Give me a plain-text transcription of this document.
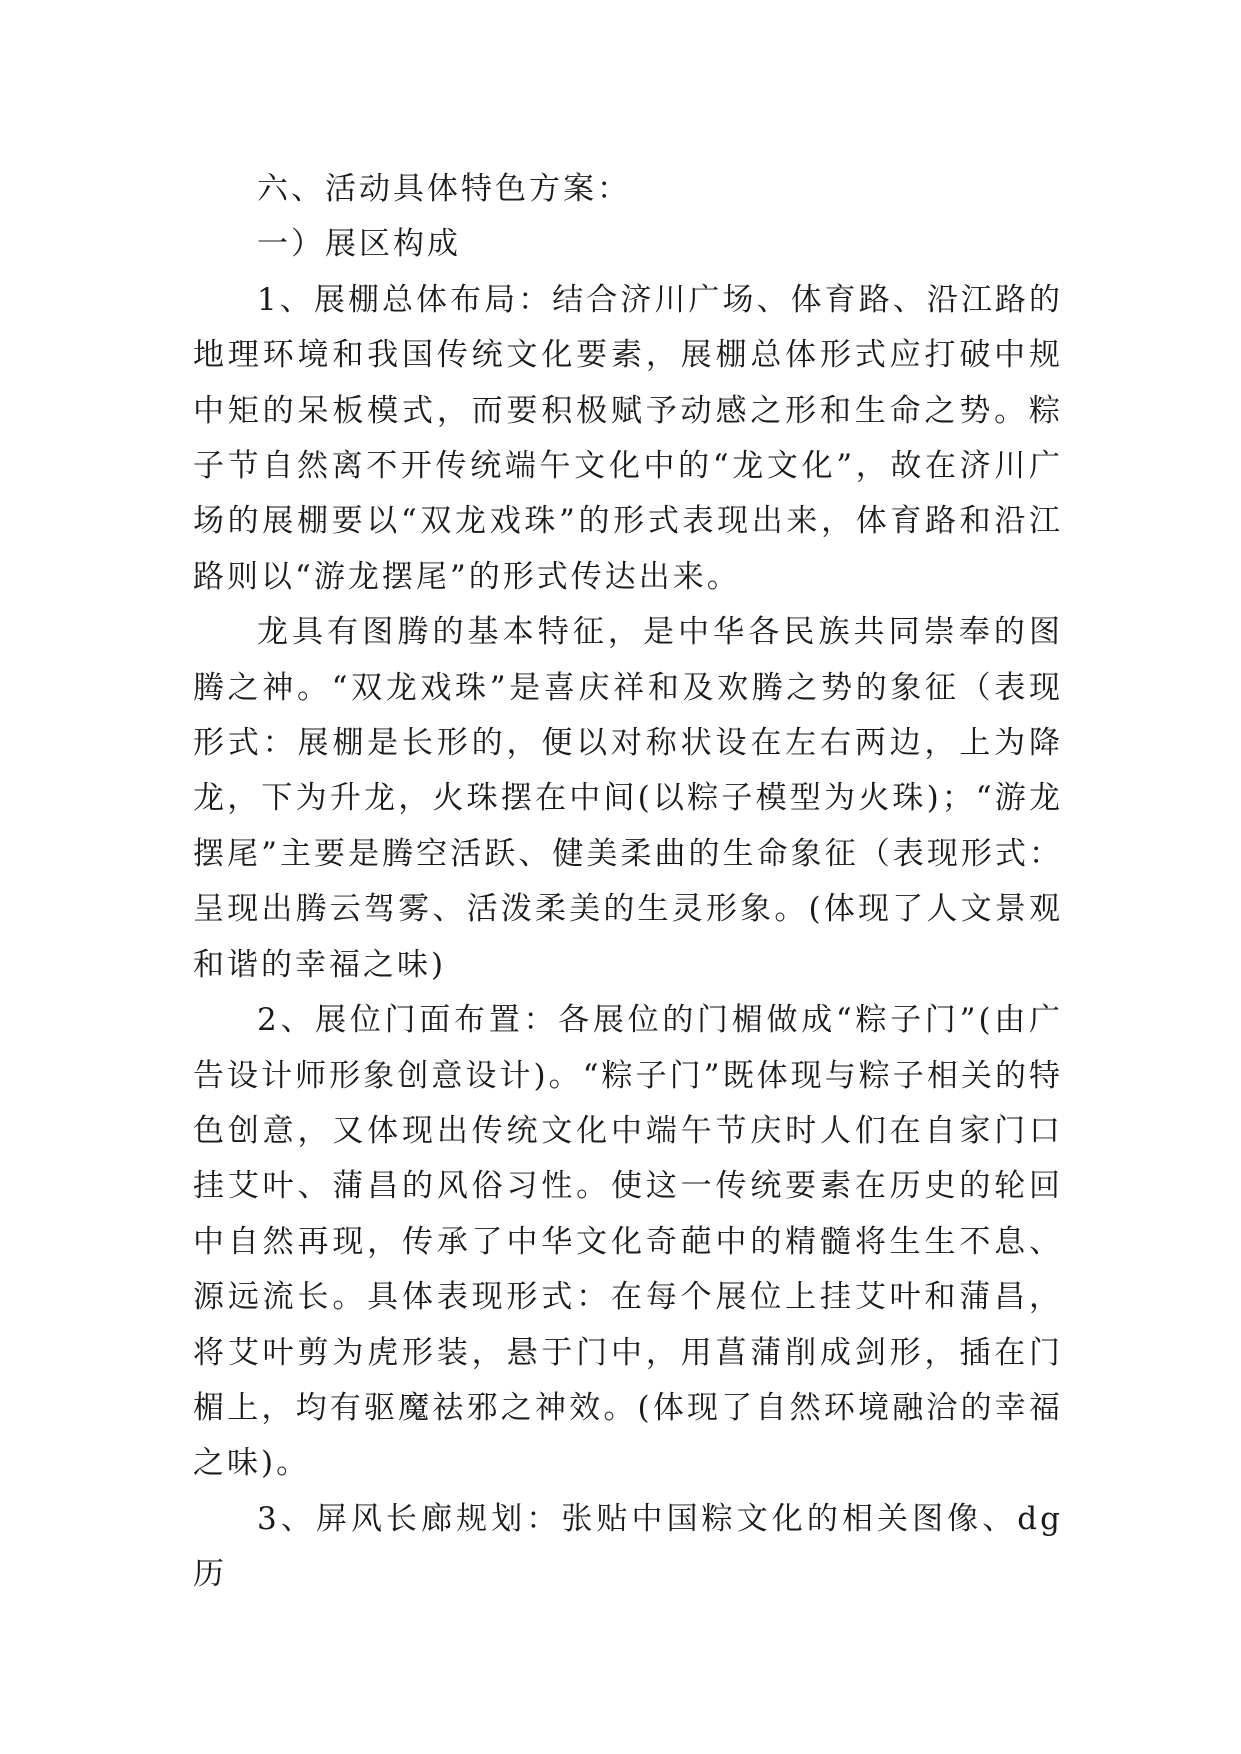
六、活动具体特色方案：

一）展区构成

1、展棚总体布局：结合济川广场、体育路、沿江路的地理环境和我国传统文化要素，展棚总体形式应打破中规中矩的呆板模式，而要积极赋予动感之形和生命之势。粽子节自然离不开传统端午文化中的“龙文化”，故在济川广场的展棚要以“双龙戏珠”的形式表现出来，体育路和沿江路则以“游龙摆尾”的形式传达出来。

龙具有图腾的基本特征，是中华各民族共同崇奉的图腾之神。“双龙戏珠”是喜庆祥和及欢腾之势的象征（表现形式：展棚是长形的，便以对称状设在左右两边，上为降龙，下为升龙，火珠摆在中间(以粽子模型为火珠)；“游龙摆尾”主要是腾空活跃、健美柔曲的生命象征（表现形式：呈现出腾云驾雾、活泼柔美的生灵形象。(体现了人文景观和谐的幸福之味)

2、展位门面布置：各展位的门楣做成“粽子门”(由广告设计师形象创意设计)。“粽子门”既体现与粽子相关的特色创意，又体现出传统文化中端午节庆时人们在自家门口挂艾叶、蒲昌的风俗习性。使这一传统要素在历史的轮回中自然再现，传承了中华文化奇葩中的精髓将生生不息、源远流长。具体表现形式：在每个展位上挂艾叶和蒲昌，将艾叶剪为虎形装，悬于门中，用菖蒲削成剑形，插在门楣上，均有驱魔祛邪之神效。(体现了自然环境融洽的幸福之味)。

3、屏风长廊规划：张贴中国粽文化的相关图像、dg历
